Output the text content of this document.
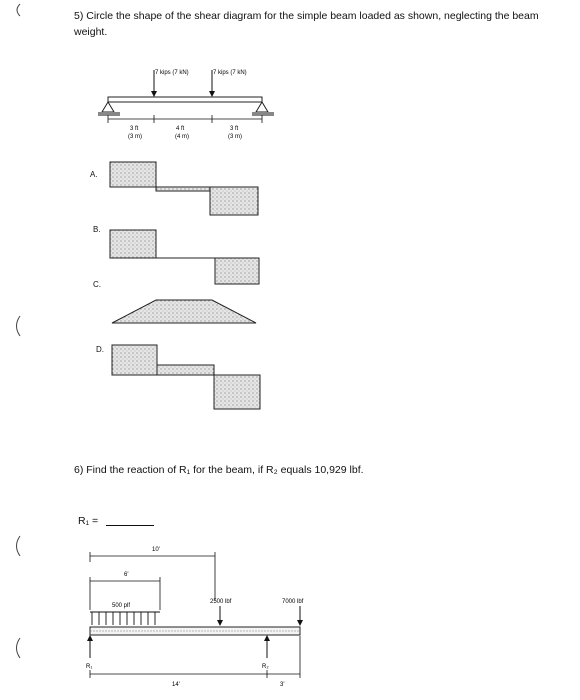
5) Circle the shape of the shear diagram for the simple beam loaded as shown, neglecting the beam weight.
7 kips (7 kN)	7 kips (7 kN)
3 ft
(3 m)
4 ft
(4 m)
3 ft
(3 m)
A.
B.
C.
D.
6) Find the reaction of R₁ for the beam, if R₂ equals 10,929 lbf.
R₁ =
10'
6'
500 plf
2500 lbf	7000 lbf
R₁	R₂
14'	3'
